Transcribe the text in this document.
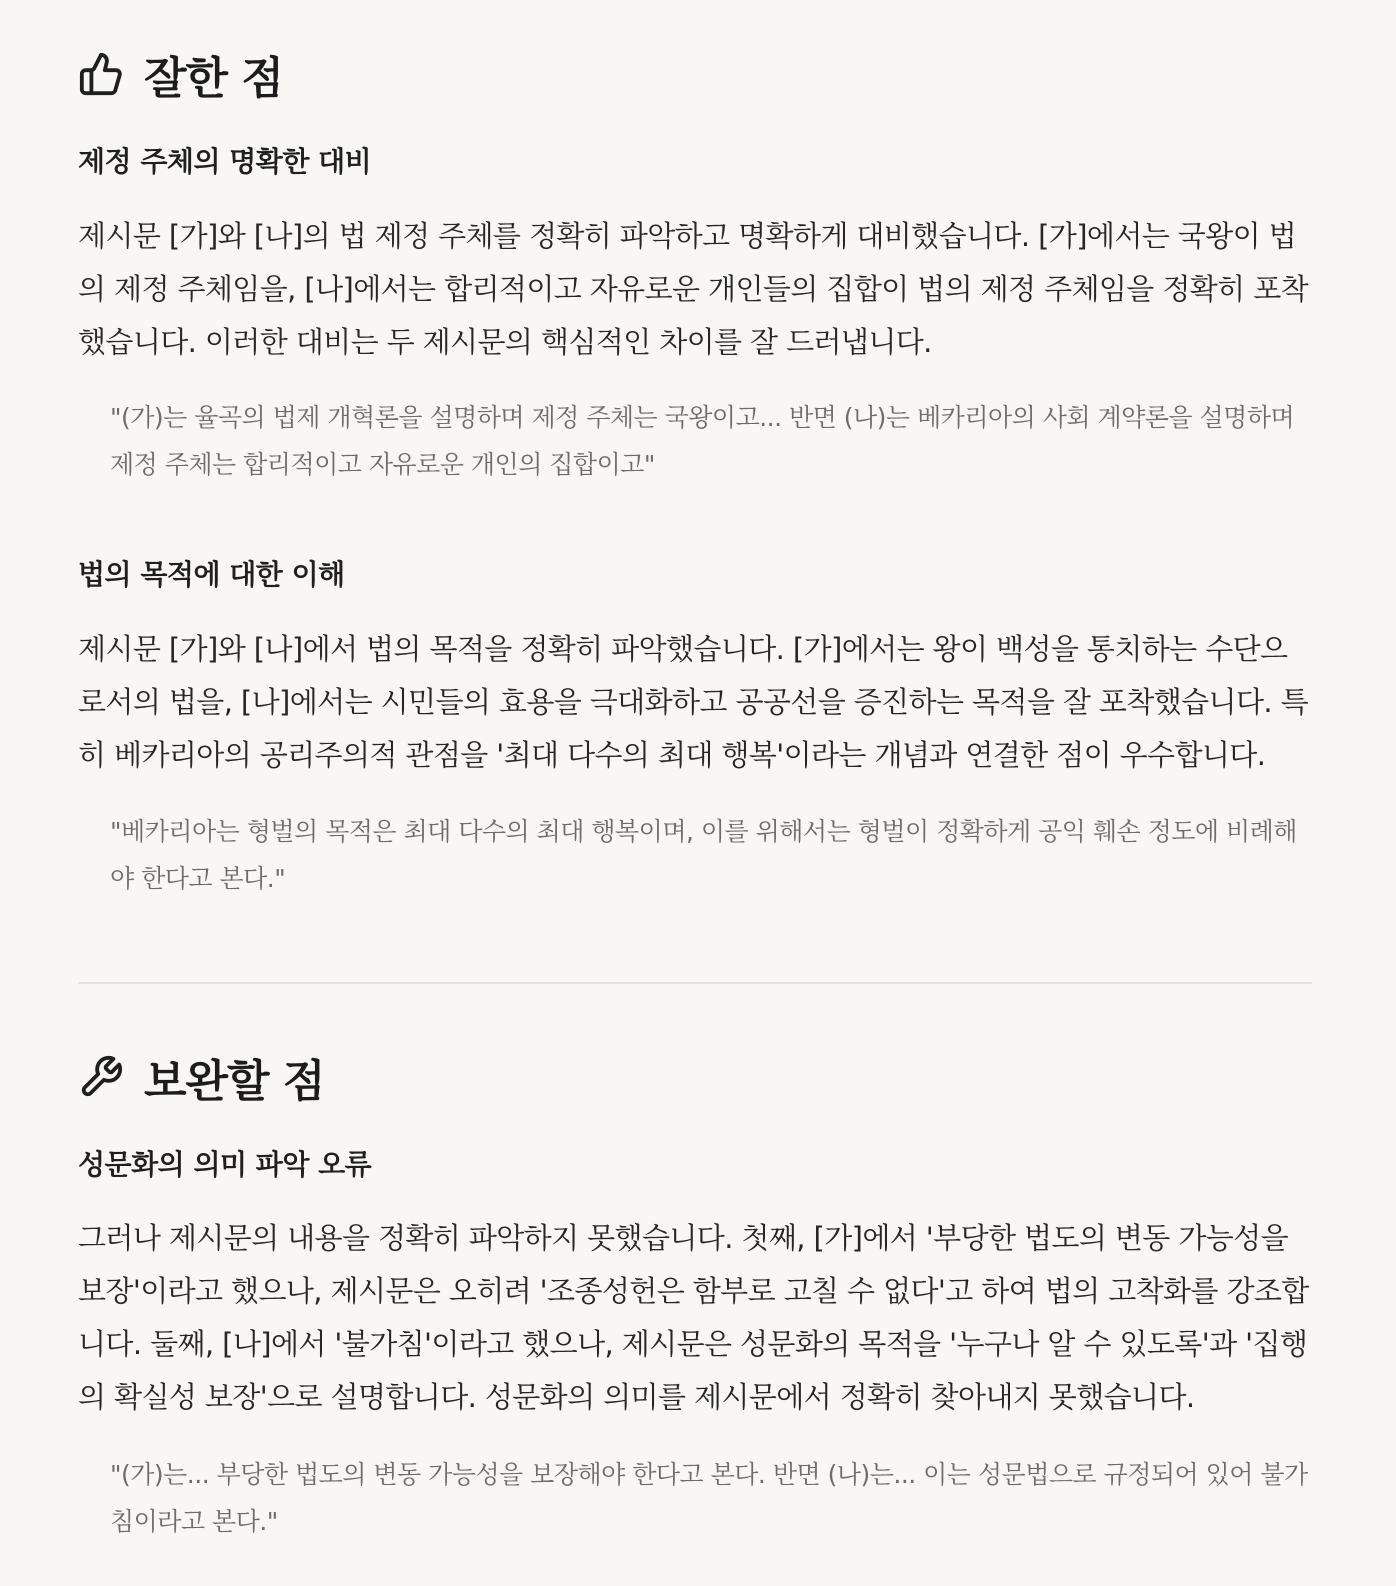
잘한 점
제정 주체의 명확한 대비

제시문 [가]와 [나]의 법 제정 주체를 정확히 파악하고 명확하게 대비했습니다. [가]에서는 국왕이 법의 제정 주체임을, [나]에서는 합리적이고 자유로운 개인들의 집합이 법의 제정 주체임을 정확히 포착했습니다. 이러한 대비는 두 제시문의 핵심적인 차이를 잘 드러냅니다.

"(가)는 율곡의 법제 개혁론을 설명하며 제정 주체는 국왕이고... 반면 (나)는 베카리아의 사회 계약론을 설명하며 제정 주체는 합리적이고 자유로운 개인의 집합이고"
법의 목적에 대한 이해

제시문 [가]와 [나]에서 법의 목적을 정확히 파악했습니다. [가]에서는 왕이 백성을 통치하는 수단으로서의 법을, [나]에서는 시민들의 효용을 극대화하고 공공선을 증진하는 목적을 잘 포착했습니다. 특히 베카리아의 공리주의적 관점을 '최대 다수의 최대 행복'이라는 개념과 연결한 점이 우수합니다.

"베카리아는 형벌의 목적은 최대 다수의 최대 행복이며, 이를 위해서는 형벌이 정확하게 공익 훼손 정도에 비례해야 한다고 본다."
보완할 점
성문화의 의미 파악 오류

그러나 제시문의 내용을 정확히 파악하지 못했습니다. 첫째, [가]에서 '부당한 법도의 변동 가능성을 보장'이라고 했으나, 제시문은 오히려 '조종성헌은 함부로 고칠 수 없다'고 하여 법의 고착화를 강조합니다. 둘째, [나]에서 '불가침'이라고 했으나, 제시문은 성문화의 목적을 '누구나 알 수 있도록'과 '집행의 확실성 보장'으로 설명합니다. 성문화의 의미를 제시문에서 정확히 찾아내지 못했습니다.

"(가)는... 부당한 법도의 변동 가능성을 보장해야 한다고 본다. 반면 (나)는... 이는 성문법으로 규정되어 있어 불가침이라고 본다."
